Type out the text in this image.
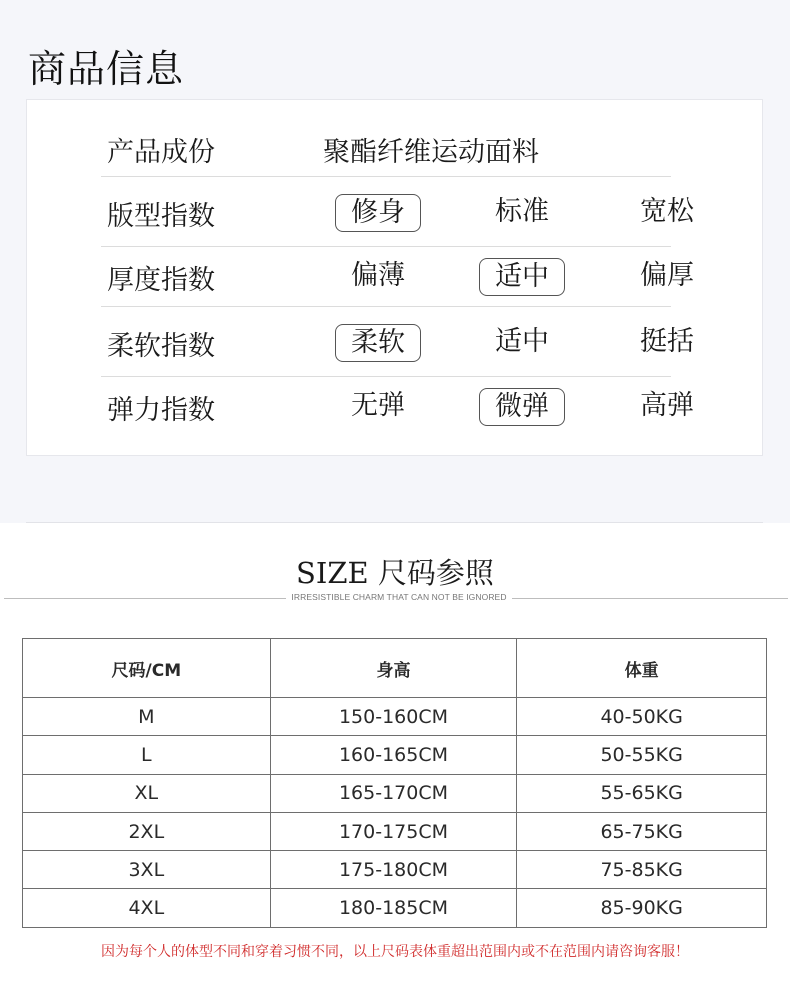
商品信息
产品成份	聚酯纤维运动面料
版型指数	修身	标准	宽松
厚度指数	偏薄	适中	偏厚
柔软指数	柔软	适中	挺括
弹力指数	无弹	微弹	高弹
SIZE 尺码参照
IRRESISTIBLE CHARM THAT CAN NOT BE IGNORED
尺码/CM	身高	体重
M	150-160CM	40-50KG
L	160-165CM	50-55KG
XL	165-170CM	55-65KG
2XL	170-175CM	65-75KG
3XL	175-180CM	75-85KG
4XL	180-185CM	85-90KG
因为每个人的体型不同和穿着习惯不同，以上尺码表体重超出范围内或不在范围内请咨询客服！
